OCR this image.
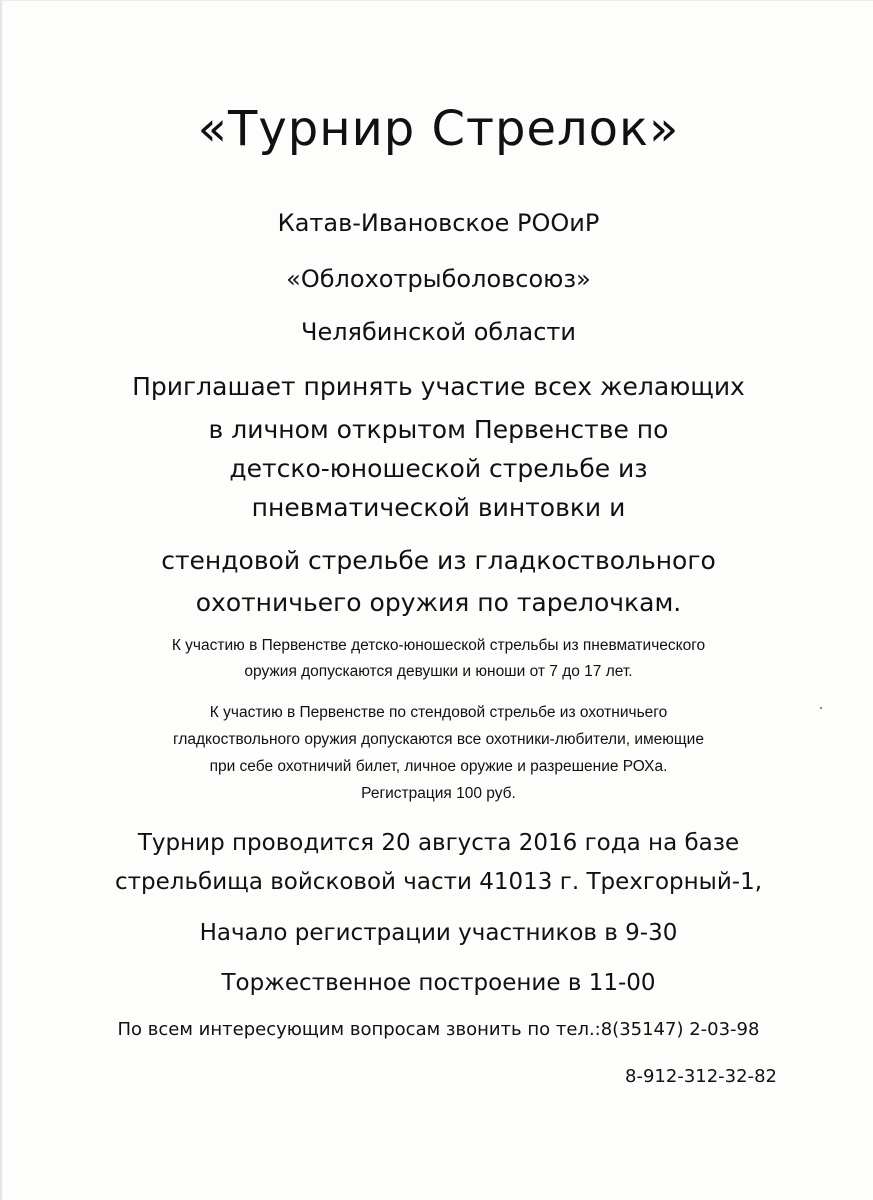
«Турнир Стрелок»
Катав-Ивановское РООиР
«Облохотрыболовсоюз»
Челябинской области
Приглашает принять участие всех желающих
в личном открытом Первенстве по
детско-юношеской стрельбе из
пневматической винтовки и
стендовой стрельбе из гладкоствольного
охотничьего оружия по тарелочкам.
К участию в Первенстве детско-юношеской стрельбы из пневматического
оружия допускаются девушки и юноши от 7 до 17 лет.
К участию в Первенстве по стендовой стрельбе из охотничьего
гладкоствольного оружия допускаются все охотники-любители, имеющие
при себе охотничий билет, личное оружие и разрешение РОХа.
Регистрация 100 руб.
Турнир проводится 20 августа 2016 года на базе
стрельбища войсковой части 41013 г. Трехгорный-1,
Начало регистрации участников в 9-30
Торжественное построение в 11-00
По всем интересующим вопросам звонить по тел.:8(35147) 2-03-98
8-912-312-32-82
